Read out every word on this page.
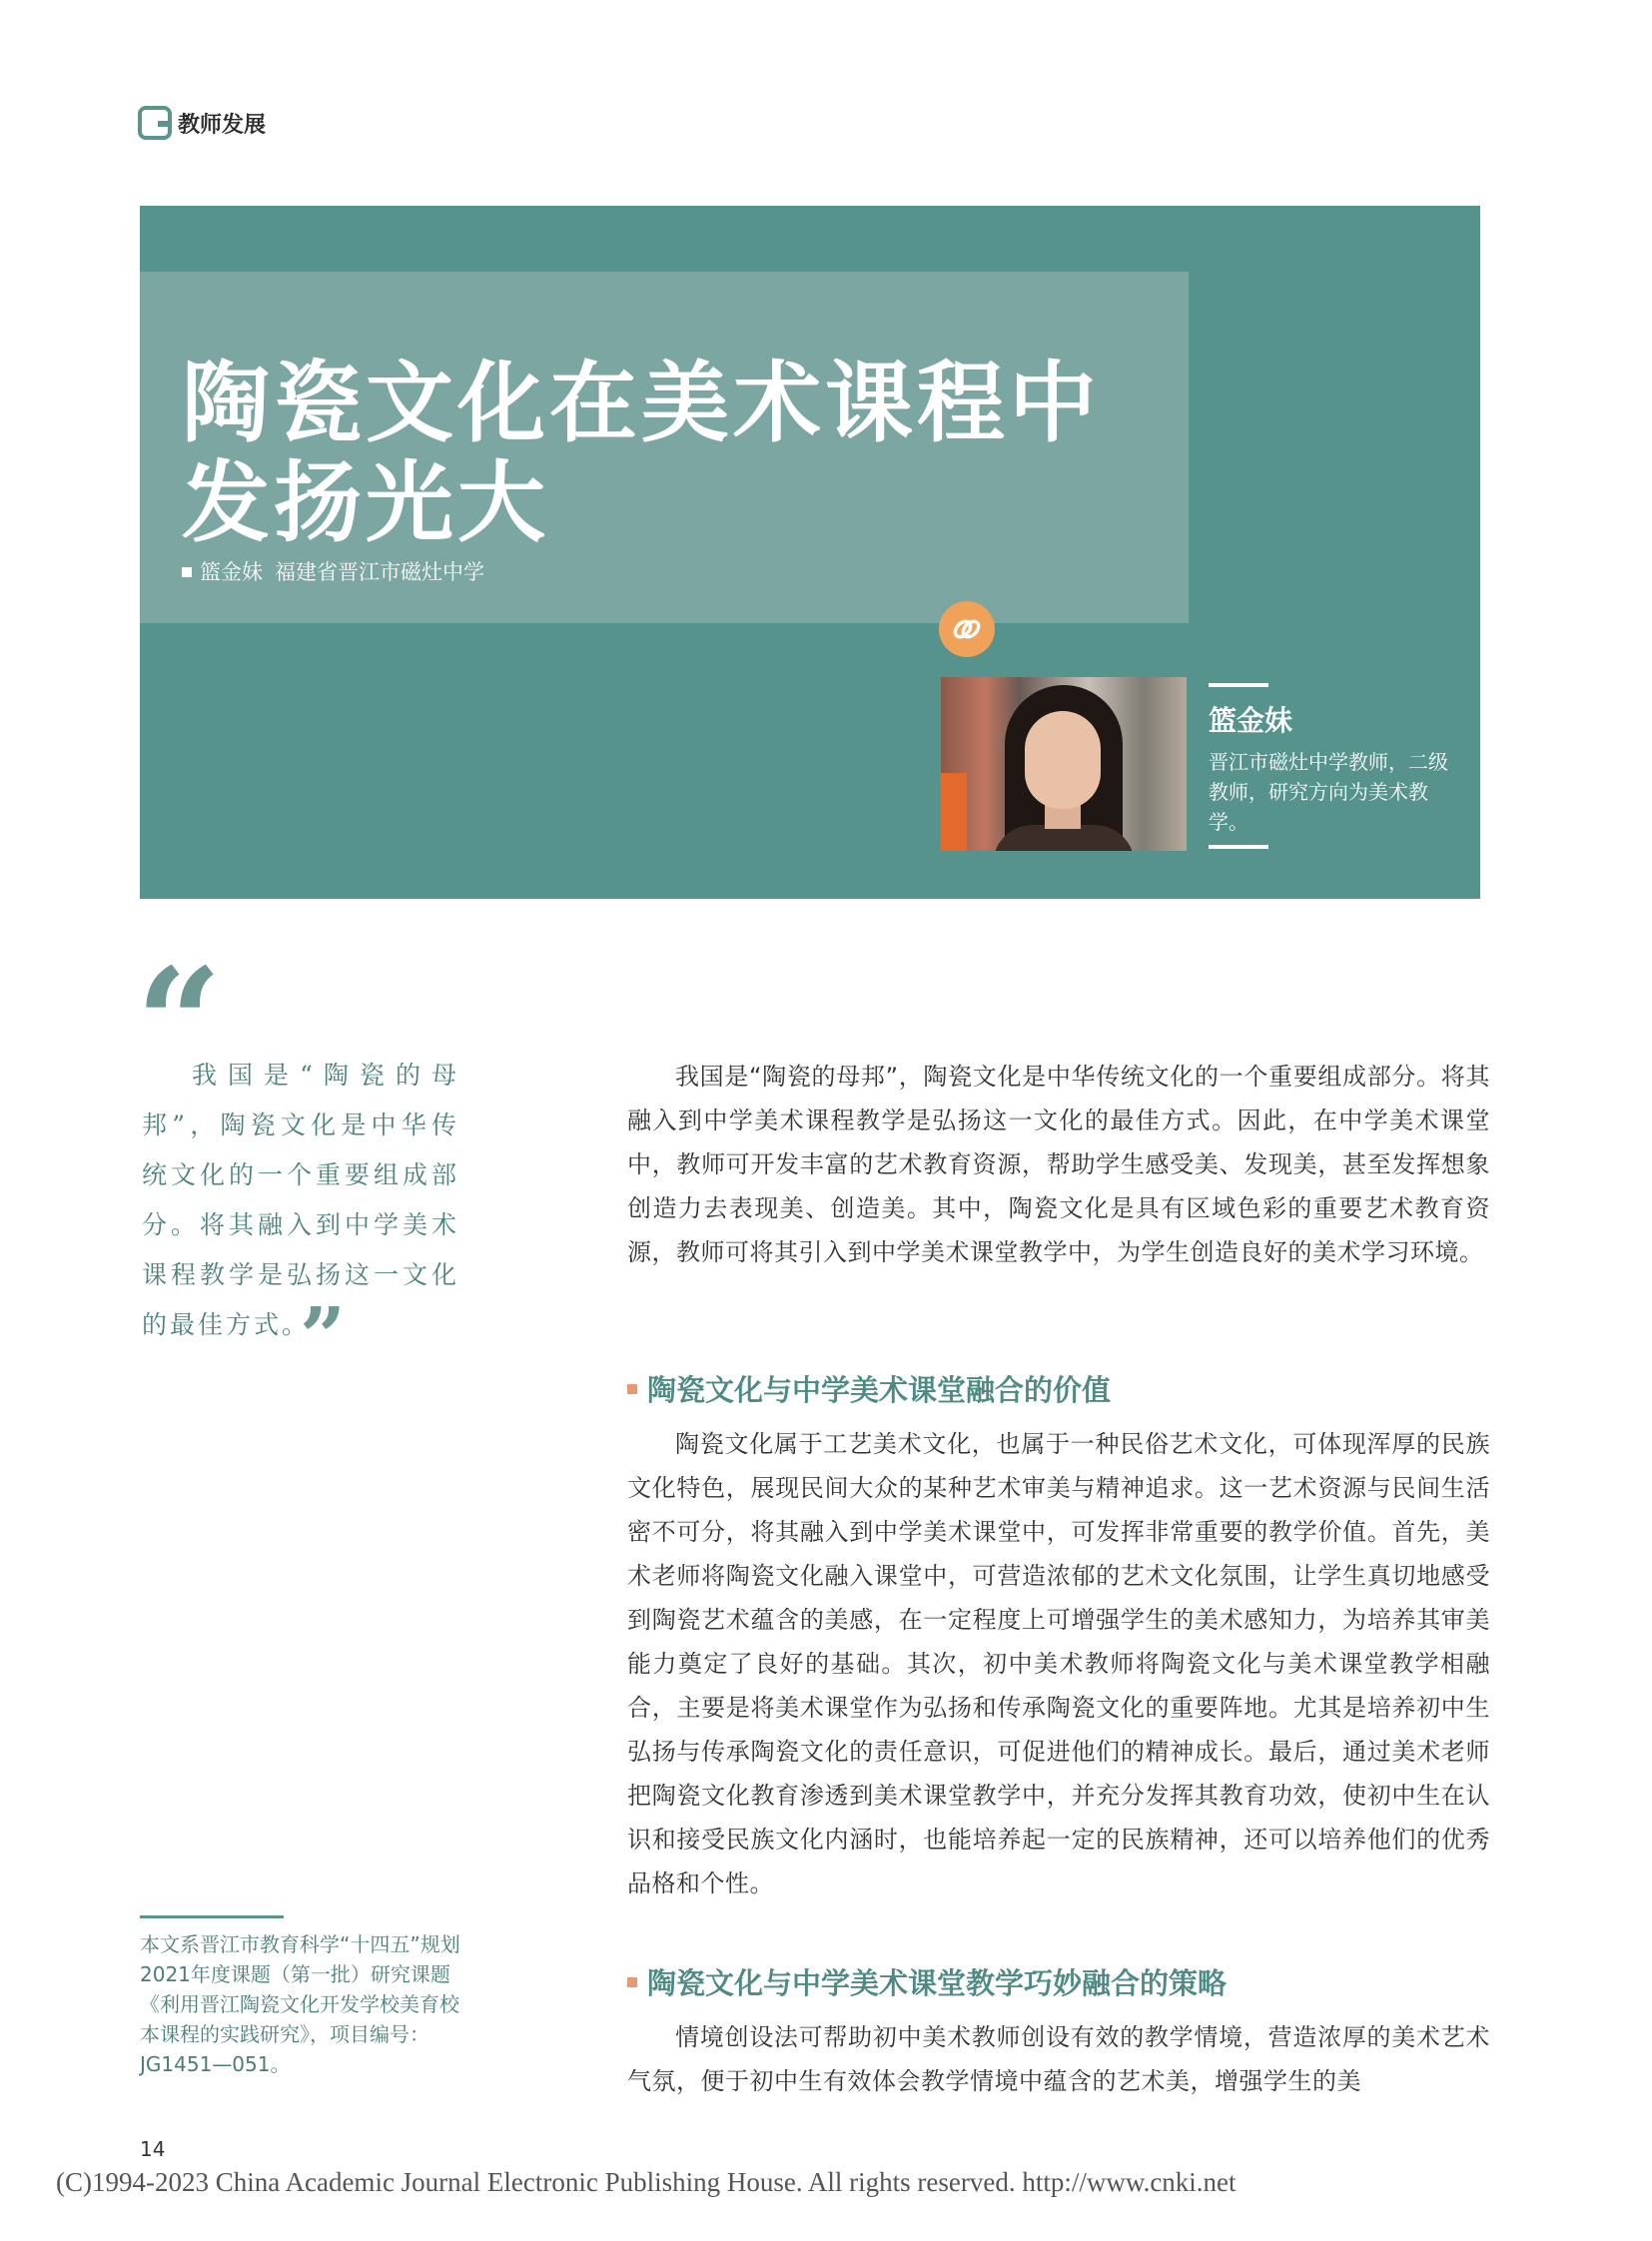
教师发展
陶瓷文化在美术课程中
发扬光大
篮金妹 福建省晋江市磁灶中学
篮金妹
晋江市磁灶中学教师，二级教师，研究方向为美术教学。
“
我国是“陶瓷的母邦”，陶瓷文化是中华传统文化的一个重要组成部分。将其融入到中学美术课程教学是弘扬这一文化的最佳方式。
”
本文系晋江市教育科学“十四五”规划2021年度课题（第一批）研究课题《利用晋江陶瓷文化开发学校美育校本课程的实践研究》，项目编号：JG1451—051。

我国是“陶瓷的母邦”，陶瓷文化是中华传统文化的一个重要组成部分。将其融入到中学美术课程教学是弘扬这一文化的最佳方式。因此，在中学美术课堂中，教师可开发丰富的艺术教育资源，帮助学生感受美、发现美，甚至发挥想象创造力去表现美、创造美。其中，陶瓷文化是具有区域色彩的重要艺术教育资源，教师可将其引入到中学美术课堂教学中，为学生创造良好的美术学习环境。

陶瓷文化与中学美术课堂融合的价值

陶瓷文化属于工艺美术文化，也属于一种民俗艺术文化，可体现浑厚的民族文化特色，展现民间大众的某种艺术审美与精神追求。这一艺术资源与民间生活密不可分，将其融入到中学美术课堂中，可发挥非常重要的教学价值。首先，美术老师将陶瓷文化融入课堂中，可营造浓郁的艺术文化氛围，让学生真切地感受到陶瓷艺术蕴含的美感，在一定程度上可增强学生的美术感知力，为培养其审美能力奠定了良好的基础。其次，初中美术教师将陶瓷文化与美术课堂教学相融合，主要是将美术课堂作为弘扬和传承陶瓷文化的重要阵地。尤其是培养初中生弘扬与传承陶瓷文化的责任意识，可促进他们的精神成长。最后，通过美术老师把陶瓷文化教育渗透到美术课堂教学中，并充分发挥其教育功效，使初中生在认识和接受民族文化内涵时，也能培养起一定的民族精神，还可以培养他们的优秀品格和个性。

陶瓷文化与中学美术课堂教学巧妙融合的策略

情境创设法可帮助初中美术教师创设有效的教学情境，营造浓厚的美术艺术气氛，便于初中生有效体会教学情境中蕴含的艺术美，增强学生的美

14
(C)1994-2023 China Academic Journal Electronic Publishing House. All rights reserved. http://www.cnki.net
